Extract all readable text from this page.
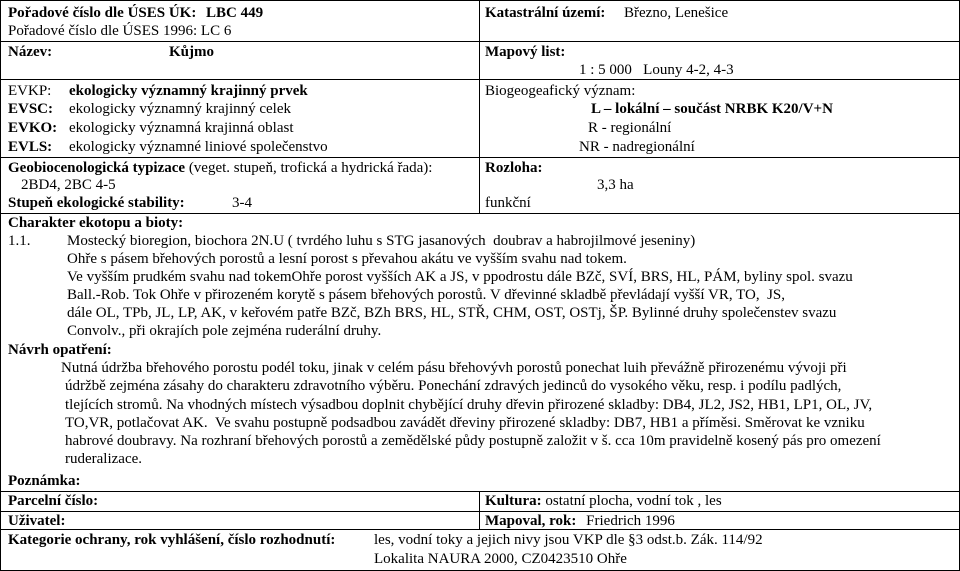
Pořadové číslo dle ÚSES ÚK: LBC 449
Pořadové číslo dle ÚSES 1996: LC 6
Katastrální území: Březno, Lenešice
Název:	Kůjmo	Mapový list:
1 : 5 000   Louny 4-2, 4-3
EVKP: ekologicky významný krajinný prvek
EVSC: ekologicky významný krajinný celek
EVKO: ekologicky významná krajinná oblast
EVLS: ekologicky významné liniové společenstvo
Biogeogeafický význam:
L – lokální – součást NRBK K20/V+N
R - regionální
NR - nadregionální
Geobiocenologická typizace (veget. stupeň, trofická a hydrická řada):
2BD4, 2BC 4-5
Stupeň ekologické stability:	3-4
Rozloha:
3,3 ha
funkční
Charakter ekotopu a bioty:
1.1. Mostecký bioregion, biochora 2N.U ( tvrdého luhu s STG jasanových  doubrav a habrojilmové jeseniny)
Ohře s pásem břehových porostů a lesní porost s převahou akátu ve vyšším svahu nad tokem.
Ve vyšším prudkém svahu nad tokemOhře porost vyšších AK a JS, v ppodrostu dále BZč, SVÍ, BRS, HL, PÁM, byliny spol. svazu
Ball.-Rob. Tok Ohře v přirozeném korytě s pásem břehových porostů. V dřevinné skladbě převládají vyšší VR, TO,  JS,
dále OL, TPb, JL, LP, AK, v keřovém patře BZč, BZh BRS, HL, STŘ, CHM, OST, OSTj, ŠP. Bylinné druhy společenstev svazu
Convolv., při okrajích pole zejména ruderální druhy.
Návrh opatření:
Nutná údržba břehového porostu podél toku, jinak v celém pásu břehovývh porostů ponechat luih převážně přirozenému vývoji při
údržbě zejména zásahy do charakteru zdravotního výběru. Ponechání zdravých jedinců do vysokého věku, resp. i podílu padlých,
tlejících stromů. Na vhodných místech výsadbou doplnit chybějící druhy dřevin přirozené skladby: DB4, JL2, JS2, HB1, LP1, OL, JV,
TO,VR, potlačovat AK.  Ve svahu postupně podsadbou zavádět dřeviny přirozené skladby: DB7, HB1 a příměsi. Směrovat ke vzniku
habrové doubravy. Na rozhraní břehových porostů a zemědělské půdy postupně založit v š. cca 10m pravidelně kosený pás pro omezení
ruderalizace.
Poznámka:
Parcelní číslo:	Kultura: ostatní plocha, vodní tok , les
Uživatel:	Mapoval, rok: Friedrich 1996
Kategorie ochrany, rok vyhlášení, číslo rozhodnutí:	les, vodní toky a jejich nivy jsou VKP dle §3 odst.b. Zák. 114/92
Lokalita NAURA 2000, CZ0423510 Ohře
